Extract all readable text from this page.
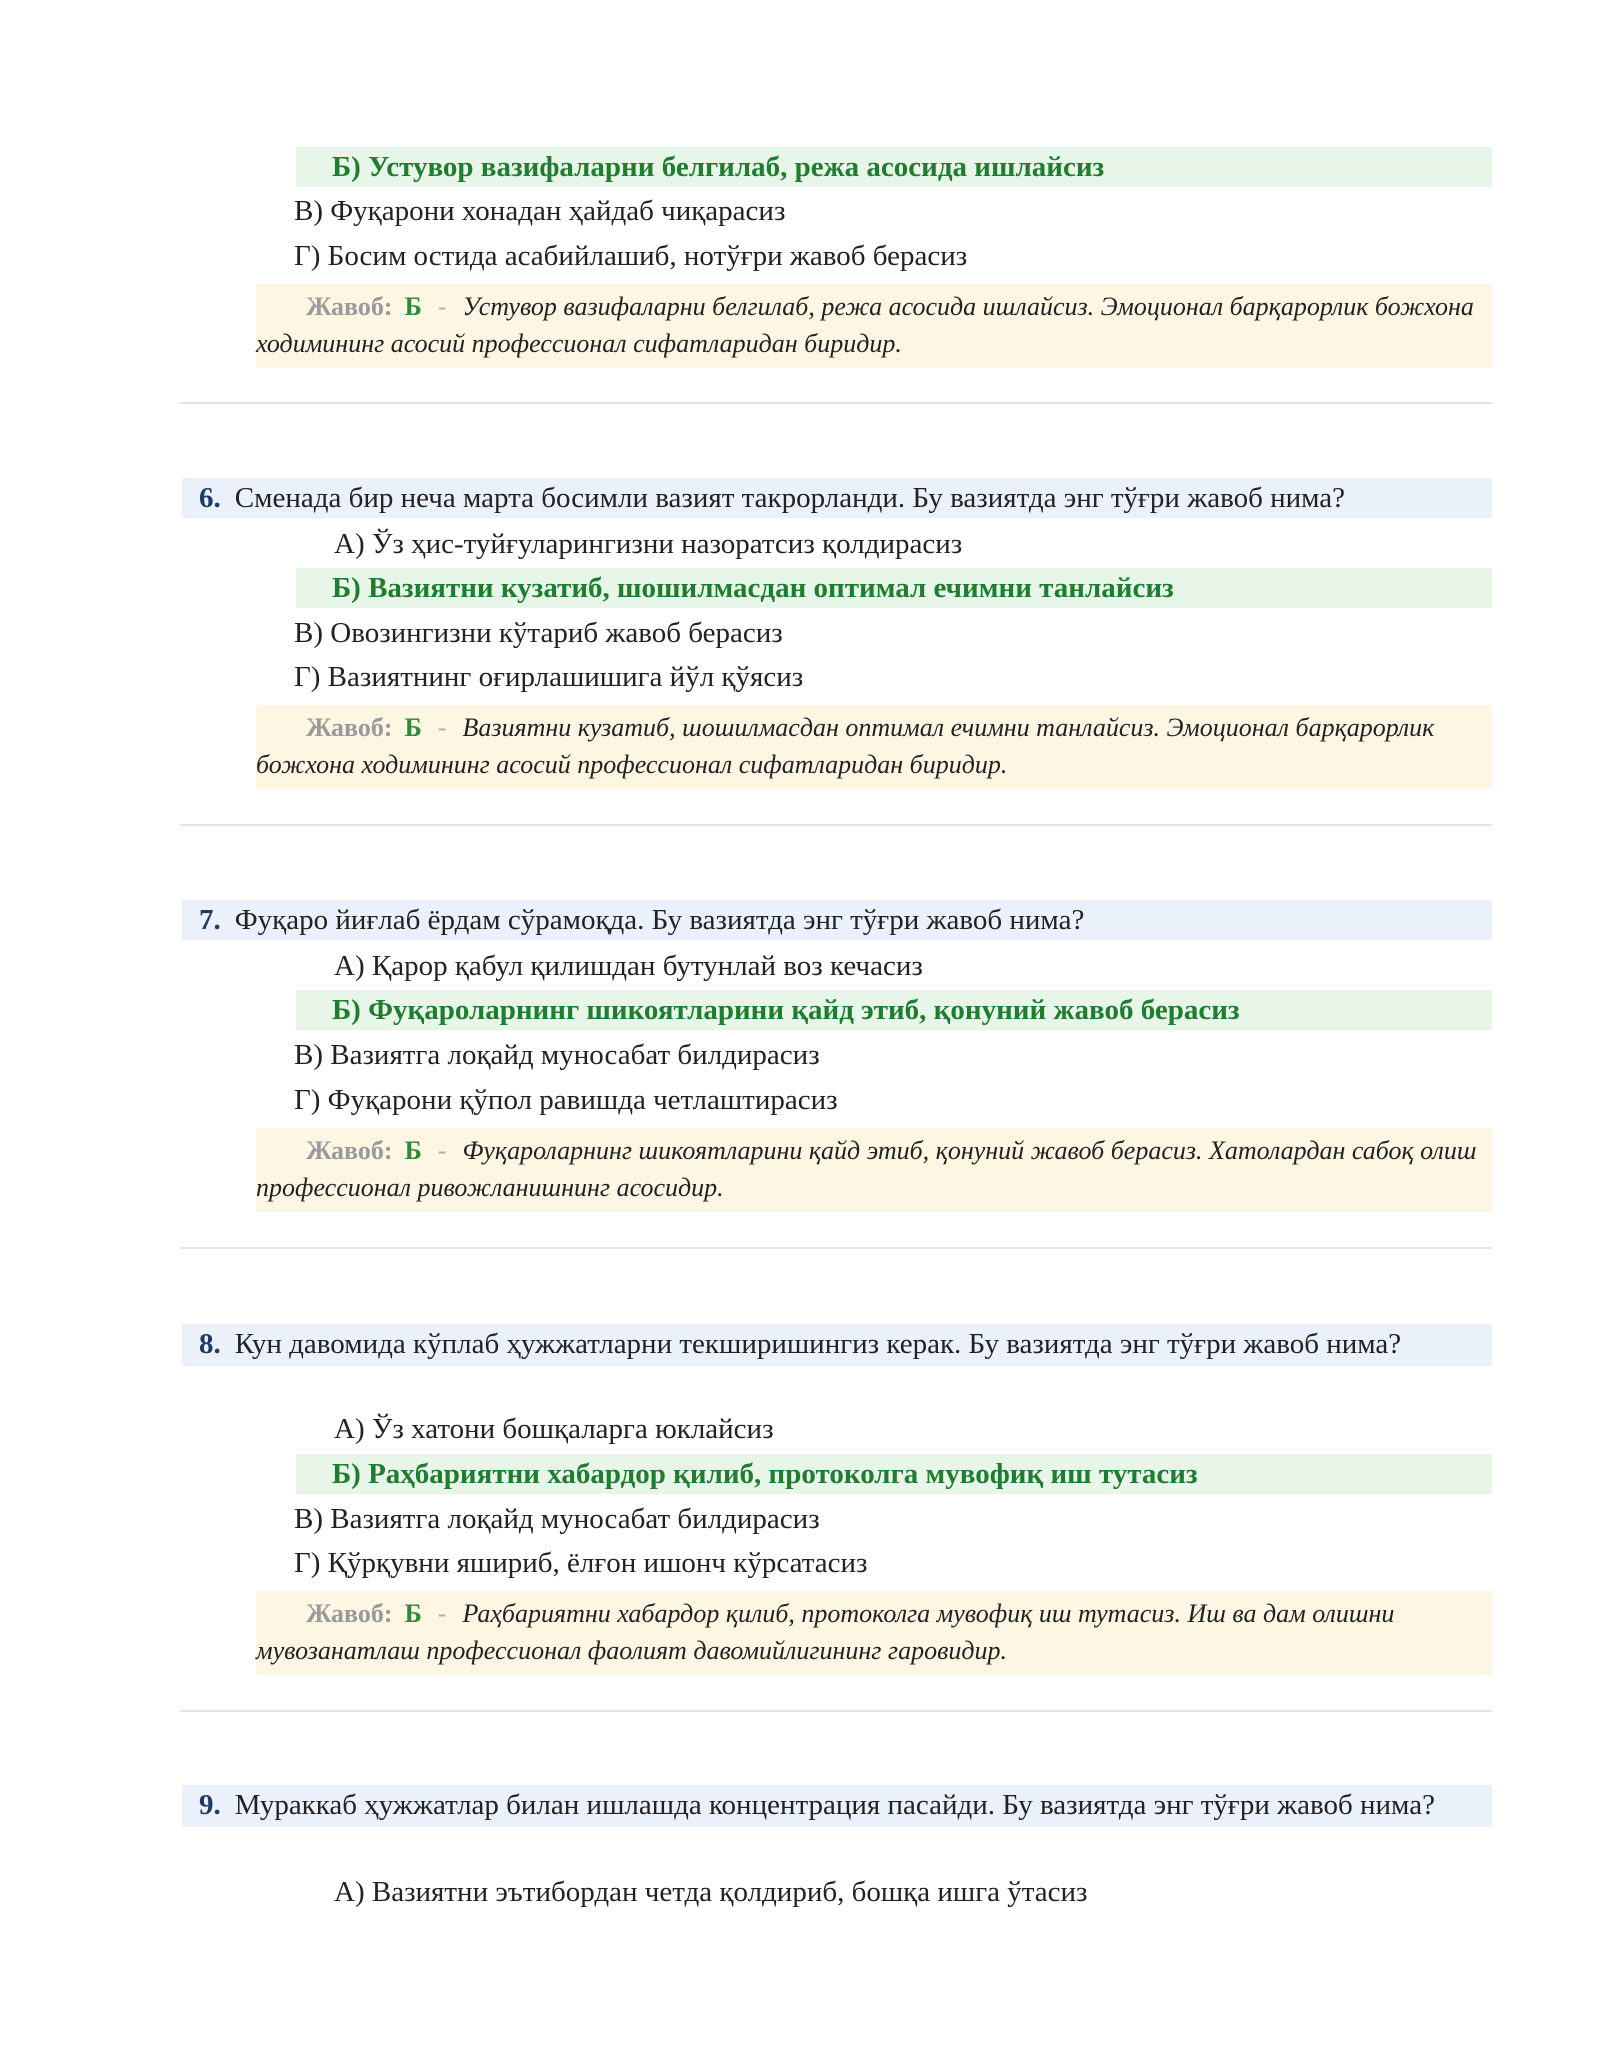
Б) Устувор вазифаларни белгилаб, режа асосида ишлайсиз
В) Фуқарони хонадан ҳайдаб чиқарасиз
Г) Босим остида асабийлашиб, нотўғри жавоб берасиз
Жавоб: Б - Устувор вазифаларни белгилаб, режа асосида ишлайсиз. Эмоционал барқарорлик божхона ходимининг асосий профессионал сифатларидан биридир.
6. Сменада бир неча марта босимли вазият такрорланди. Бу вазиятда энг тўғри жавоб нима?
А) Ўз ҳис-туйғуларингизни назоратсиз қолдирасиз
Б) Вазиятни кузатиб, шошилмасдан оптимал ечимни танлайсиз
В) Овозингизни кўтариб жавоб берасиз
Г) Вазиятнинг оғирлашишига йўл қўясиз
Жавоб: Б - Вазиятни кузатиб, шошилмасдан оптимал ечимни танлайсиз. Эмоционал барқарорлик божхона ходимининг асосий профессионал сифатларидан биридир.
7. Фуқаро йиғлаб ёрдам сўрамоқда. Бу вазиятда энг тўғри жавоб нима?
А) Қарор қабул қилишдан бутунлай воз кечасиз
Б) Фуқароларнинг шикоятларини қайд этиб, қонуний жавоб берасиз
В) Вазиятга лоқайд муносабат билдирасиз
Г) Фуқарони қўпол равишда четлаштирасиз
Жавоб: Б - Фуқароларнинг шикоятларини қайд этиб, қонуний жавоб берасиз. Хатолардан сабоқ олиш профессионал ривожланишнинг асосидир.
8. Кун давомида кўплаб ҳужжатларни текширишингиз керак. Бу вазиятда энг тўғри жавоб нима?
А) Ўз хатони бошқаларга юклайсиз
Б) Раҳбариятни хабардор қилиб, протоколга мувофиқ иш тутасиз
В) Вазиятга лоқайд муносабат билдирасиз
Г) Қўрқувни яшириб, ёлғон ишонч кўрсатасиз
Жавоб: Б - Раҳбариятни хабардор қилиб, протоколга мувофиқ иш тутасиз. Иш ва дам олишни мувозанатлаш профессионал фаолият давомийлигининг гаровидир.
9. Мураккаб ҳужжатлар билан ишлашда концентрация пасайди. Бу вазиятда энг тўғри жавоб нима?
А) Вазиятни эътибордан четда қолдириб, бошқа ишга ўтасиз
